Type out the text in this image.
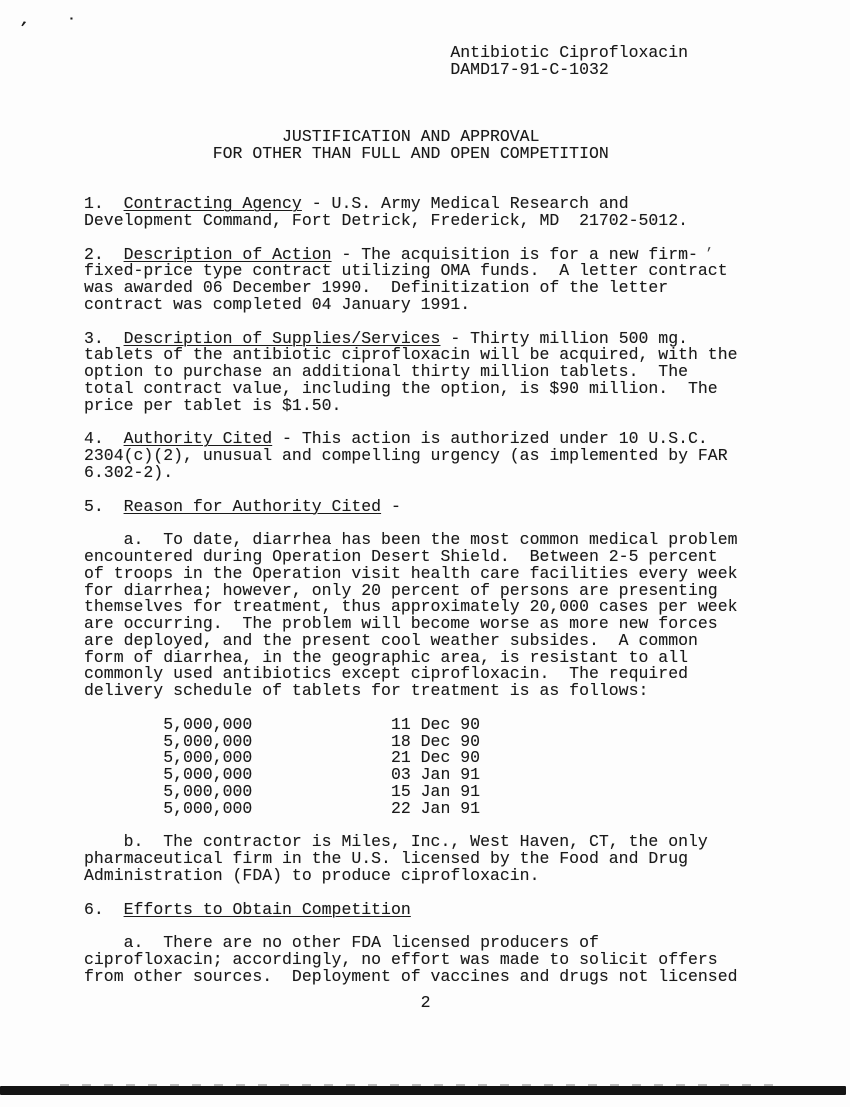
,	▪
,
Antibiotic Ciprofloxacin
DAMD17-91-C-1032
JUSTIFICATION AND APPROVAL
FOR OTHER THAN FULL AND OPEN COMPETITION
1.  Contracting Agency - U.S. Army Medical Research and
Development Command, Fort Detrick, Frederick, MD  21702-5012.
2.  Description of Action - The acquisition is for a new firm-
fixed-price type contract utilizing OMA funds.  A letter contract
was awarded 06 December 1990.  Definitization of the letter
contract was completed 04 January 1991.
3.  Description of Supplies/Services - Thirty million 500 mg.
tablets of the antibiotic ciprofloxacin will be acquired, with the
option to purchase an additional thirty million tablets.  The
total contract value, including the option, is $90 million.  The
price per tablet is $1.50.
4.  Authority Cited - This action is authorized under 10 U.S.C.
2304(c)(2), unusual and compelling urgency (as implemented by FAR
6.302-2).
5.  Reason for Authority Cited -
a.  To date, diarrhea has been the most common medical problem
encountered during Operation Desert Shield.  Between 2-5 percent
of troops in the Operation visit health care facilities every week
for diarrhea; however, only 20 percent of persons are presenting
themselves for treatment, thus approximately 20,000 cases per week
are occurring.  The problem will become worse as more new forces
are deployed, and the present cool weather subsides.  A common
form of diarrhea, in the geographic area, is resistant to all
commonly used antibiotics except ciprofloxacin.  The required
delivery schedule of tablets for treatment is as follows:
5,000,000	11 Dec 90
5,000,000	18 Dec 90
5,000,000	21 Dec 90
5,000,000	03 Jan 91
5,000,000	15 Jan 91
5,000,000	22 Jan 91
b.  The contractor is Miles, Inc., West Haven, CT, the only
pharmaceutical firm in the U.S. licensed by the Food and Drug
Administration (FDA) to produce ciprofloxacin.
6.  Efforts to Obtain Competition
a.  There are no other FDA licensed producers of
ciprofloxacin; accordingly, no effort was made to solicit offers
from other sources.  Deployment of vaccines and drugs not licensed
2
